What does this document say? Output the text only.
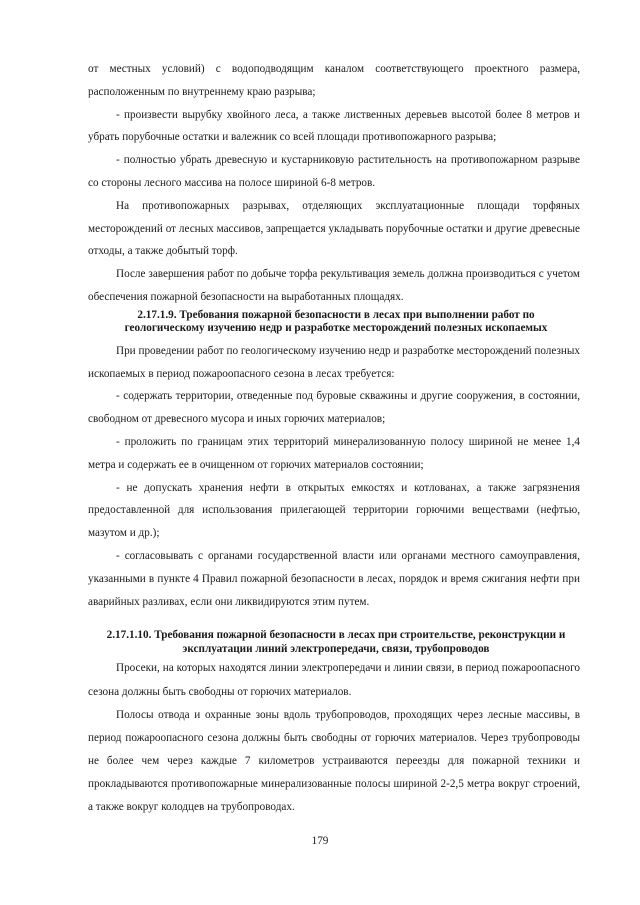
от местных условий) с водоподводящим каналом соответствующего проектного размера, расположенным по внутреннему краю разрыва;

- произвести вырубку хвойного леса, а также лиственных деревьев высотой более 8 метров и убрать порубочные остатки и валежник со всей площади противопожарного разрыва;

- полностью убрать древесную и кустарниковую растительность на противопожарном разрыве со стороны лесного массива на полосе шириной 6-8 метров.

На противопожарных разрывах, отделяющих эксплуатационные площади торфяных месторождений от лесных массивов, запрещается укладывать порубочные остатки и другие древесные отходы, а также добытый торф.

После завершения работ по добыче торфа рекультивация земель должна производиться с учетом обеспечения пожарной безопасности на выработанных площадях.

2.17.1.9. Требования пожарной безопасности в лесах при выполнении работ по геологическому изучению недр и разработке месторождений полезных ископаемых

При проведении работ по геологическому изучению недр и разработке месторождений полезных ископаемых в период пожароопасного сезона в лесах требуется:

- содержать территории, отведенные под буровые скважины и другие сооружения, в состоянии, свободном от древесного мусора и иных горючих материалов;

- проложить по границам этих территорий минерализованную полосу шириной не менее 1,4 метра и содержать ее в очищенном от горючих материалов состоянии;

- не допускать хранения нефти в открытых емкостях и котлованах, а также загрязнения предоставленной для использования прилегающей территории горючими веществами (нефтью, мазутом и др.);

- согласовывать с органами государственной власти или органами местного самоуправления, указанными в пункте 4 Правил пожарной безопасности в лесах, порядок и время сжигания нефти при аварийных разливах, если они ликвидируются этим путем.

2.17.1.10. Требования пожарной безопасности в лесах при строительстве, реконструкции и эксплуатации линий электропередачи, связи, трубопроводов

Просеки, на которых находятся линии электропередачи и линии связи, в период пожароопасного сезона должны быть свободны от горючих материалов.

Полосы отвода и охранные зоны вдоль трубопроводов, проходящих через лесные массивы, в период пожароопасного сезона должны быть свободны от горючих материалов. Через трубопроводы не более чем через каждые 7 километров устраиваются переезды для пожарной техники и прокладываются противопожарные минерализованные полосы шириной 2-2,5 метра вокруг строений, а также вокруг колодцев на трубопроводах.

179
